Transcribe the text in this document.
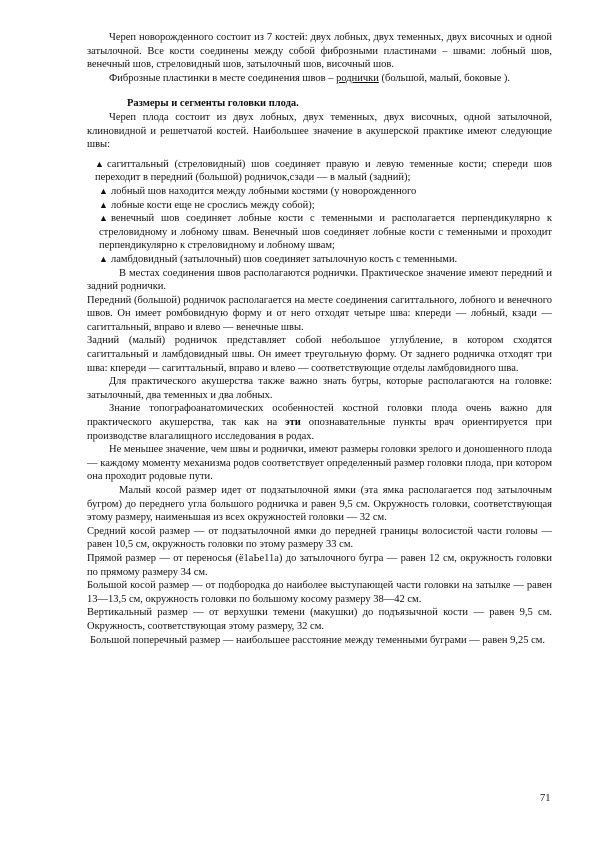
Череп новорожденного состоит из 7 костей: двух лобных, двух теменных, двух височных и одной затылочной. Все кости соединены между собой фиброзными пластинами – швами: лобный шов, венечный шов, стреловидный шов, затылочный шов, височный шов.

Фиброзные пластинки в месте соединения швов – роднички (большой, малый, боковые ).

Размеры и сегменты головки плода.

Череп плода состоит из двух лобных, двух теменных, двух височных, одной затылочной, клиновидной и решетчатой костей. Наибольшее значение в акушерской практике имеют следующие швы:

▲ сагиттальный (стреловидный) шов соединяет правую и левую теменные кости; спереди шов переходит в передний (большой) родничок,сзади — в малый (задний);

▲ лобный шов находится между лобными костями (у новорожденного

▲ лобные кости еще не срослись между собой);

▲ венечный шов соединяет лобные кости с теменными и располагается перпендикулярно к стреловидному и лобному швам. Венечный шов соединяет лобные кости с теменными и проходит перпендикулярно к стреловидному и лобному швам;

▲ ламбдовидный (затылочный) шов соединяет затылочную кость с теменными.

В местах соединения швов располагаются роднички. Практическое значение имеют передний и задний роднички.

Передний (большой) родничок располагается на месте соединения сагиттального, лобного и венечного швов. Он имеет ромбовидную форму и от него отходят четыре шва: кпереди — лобный, кзади — сагиттальный, вправо и влево — венечные швы.

Задний (малый) родничок представляет собой небольшое углубление, в котором сходятся сагиттальный и ламбдовидный швы. Он имеет треугольную форму. От заднего родничка отходят три шва: кпереди — сагиттальный, вправо и влево — соответствующие отделы ламбдовидного шва.

Для практического акушерства также важно знать бугры, которые располагаются на головке: затылочный, два теменных и два лобных.

Знание топографоанатомических особенностей костной головки плода очень важно для практического акушерства, так как на эти опознавательные пункты врач ориентируется при производстве влагалищного исследования в родах.

Не меньшее значение, чем швы и роднички, имеют размеры головки зрелого и доношенного плода — каждому моменту механизма родов соответствует определенный размер головки плода, при котором она проходит родовые пути.

Малый косой размер идет от подзатылочной ямки (эта ямка располагается под затылочным бугром) до переднего угла большого родничка и равен 9,5 см. Окружность головки, соответствующая этому размеру, наименьшая из всех окружностей головки — 32 см.

Средний косой размер — от подзатылочной ямки до передней границы волосистой части головы — равен 10,5 см, окружность головки по этому размеру 33 см.

Прямой размер — от переносья (ё1аЬе11а) до затылочного бугра — равен 12 см, окружность головки по прямому размеру 34 см.

Большой косой размер — от подбородка до наиболее выступающей части головки на затылке — равен 13—13,5 см, окружность головки по большому косому размеру 38—42 см.

Вертикальный размер — от верхушки темени (макушки) до подъязычной кости — равен 9,5 см. Окружность, соответствующая этому размеру, 32 см.

Большой поперечный размер — наибольшее расстояние между теменными буграми — равен 9,25 см.

71
